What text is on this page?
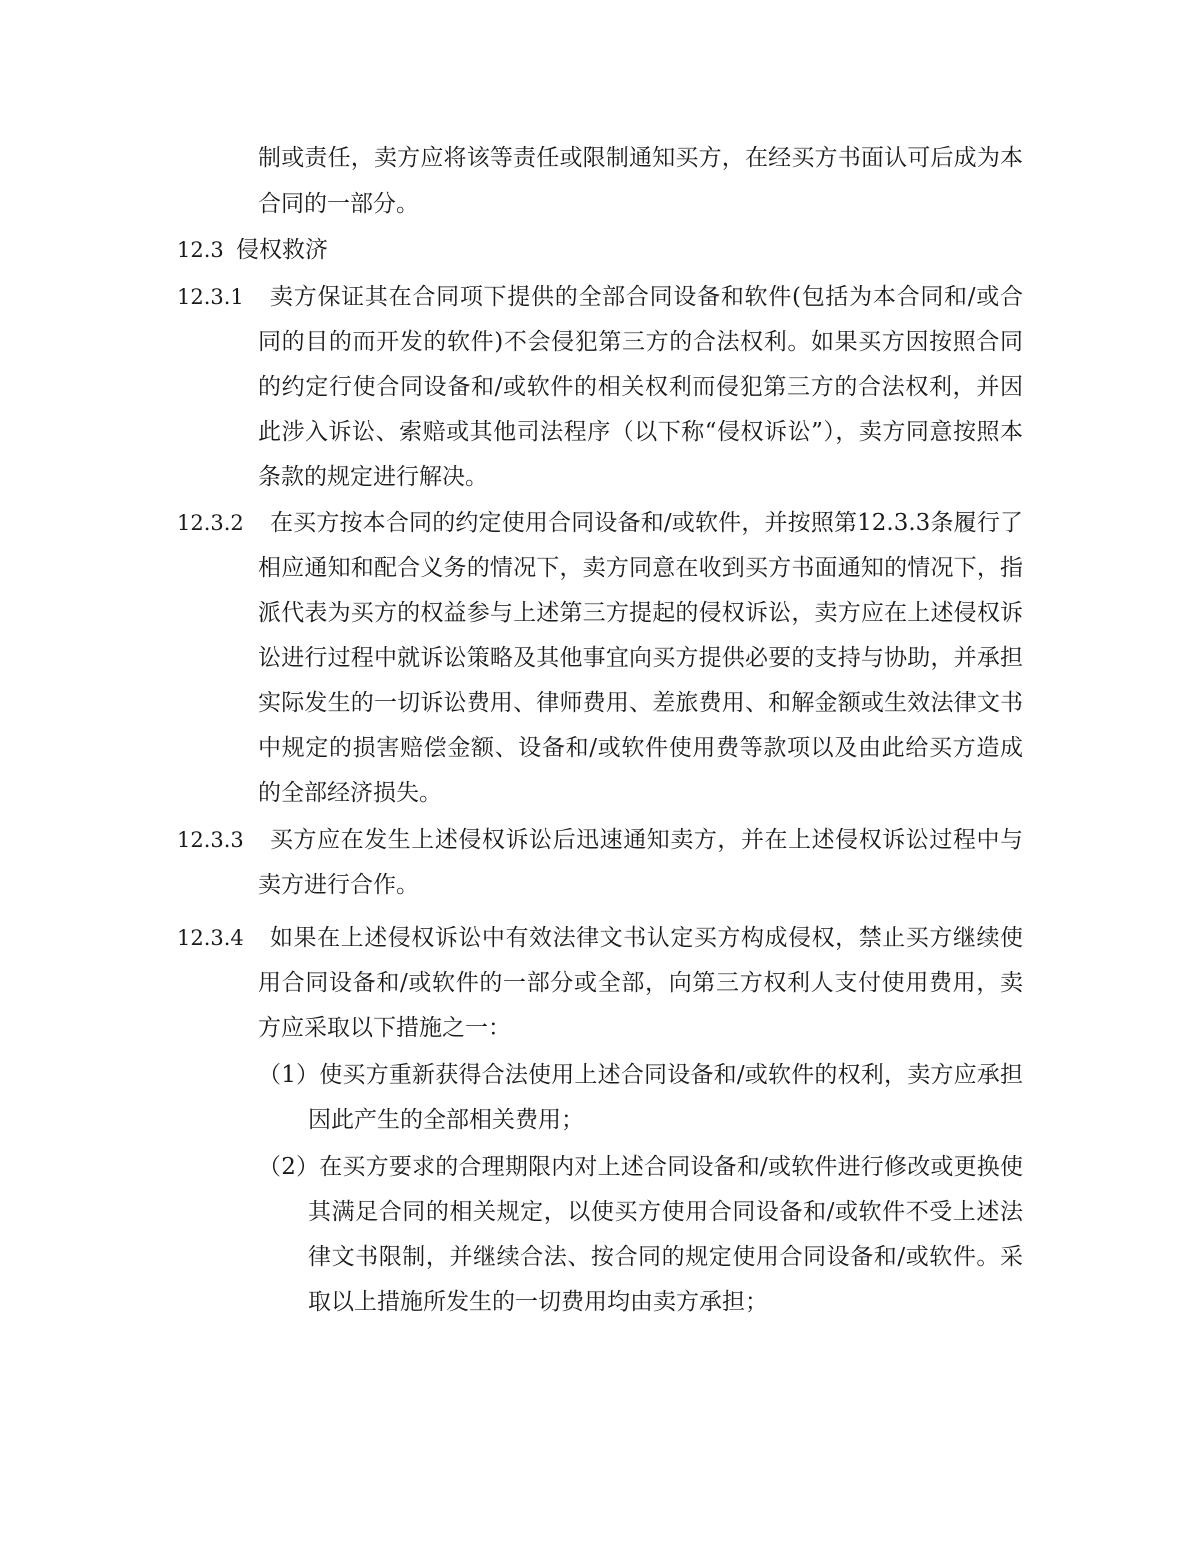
制或责任，卖方应将该等责任或限制通知买方，在经买方书面认可后成为本
合同的一部分。
12.3 侵权救济
12.3.1 卖方保证其在合同项下提供的全部合同设备和软件(包括为本合同和/或合
同的目的而开发的软件)不会侵犯第三方的合法权利。如果买方因按照合同
的约定行使合同设备和/或软件的相关权利而侵犯第三方的合法权利，并因
此涉入诉讼、索赔或其他司法程序（以下称“侵权诉讼”），卖方同意按照本
条款的规定进行解决。
12.3.2 在买方按本合同的约定使用合同设备和/或软件，并按照第12.3.3条履行了
相应通知和配合义务的情况下，卖方同意在收到买方书面通知的情况下，指
派代表为买方的权益参与上述第三方提起的侵权诉讼，卖方应在上述侵权诉
讼进行过程中就诉讼策略及其他事宜向买方提供必要的支持与协助，并承担
实际发生的一切诉讼费用、律师费用、差旅费用、和解金额或生效法律文书
中规定的损害赔偿金额、设备和/或软件使用费等款项以及由此给买方造成
的全部经济损失。
12.3.3 买方应在发生上述侵权诉讼后迅速通知卖方，并在上述侵权诉讼过程中与
卖方进行合作。
12.3.4 如果在上述侵权诉讼中有效法律文书认定买方构成侵权，禁止买方继续使
用合同设备和/或软件的一部分或全部，向第三方权利人支付使用费用，卖
方应采取以下措施之一：
（1）使买方重新获得合法使用上述合同设备和/或软件的权利，卖方应承担
因此产生的全部相关费用；
（2）在买方要求的合理期限内对上述合同设备和/或软件进行修改或更换使
其满足合同的相关规定，以使买方使用合同设备和/或软件不受上述法
律文书限制，并继续合法、按合同的规定使用合同设备和/或软件。采
取以上措施所发生的一切费用均由卖方承担；
